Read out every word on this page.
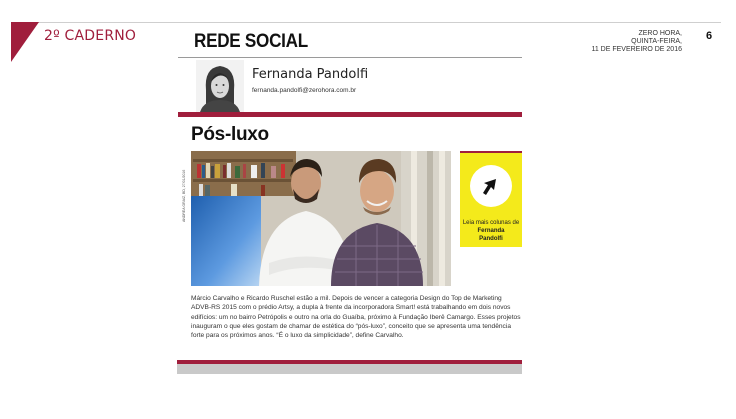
2º CADERNO	ZERO HORA,
QUINTA-FEIRA,
11 DE FEVEREIRO DE 2016
6
REDE SOCIAL
Fernanda Pandolfi
fernanda.pandolfi@zerohora.com.br
Pós-luxo
ANDRÉA GRAIZ, BD, 27/01/2016
Leia mais colunas de
Fernanda
Pandolfi
Márcio Carvalho e Ricardo Ruschel estão a mil. Depois de vencer a categoria Design do Top de Marketing ADVB-RS 2015 com o prédio Artsy, a dupla à frente da incorporadora Smart! está trabalhando em dois novos edifícios: um no bairro Petrópolis e outro na orla do Guaíba, próximo à Fundação Iberê Camargo. Esses projetos inauguram o que eles gostam de chamar de estética do “pós-luxo”, conceito que se apresenta uma tendência forte para os próximos anos. “É o luxo da simplicidade”, define Carvalho.
